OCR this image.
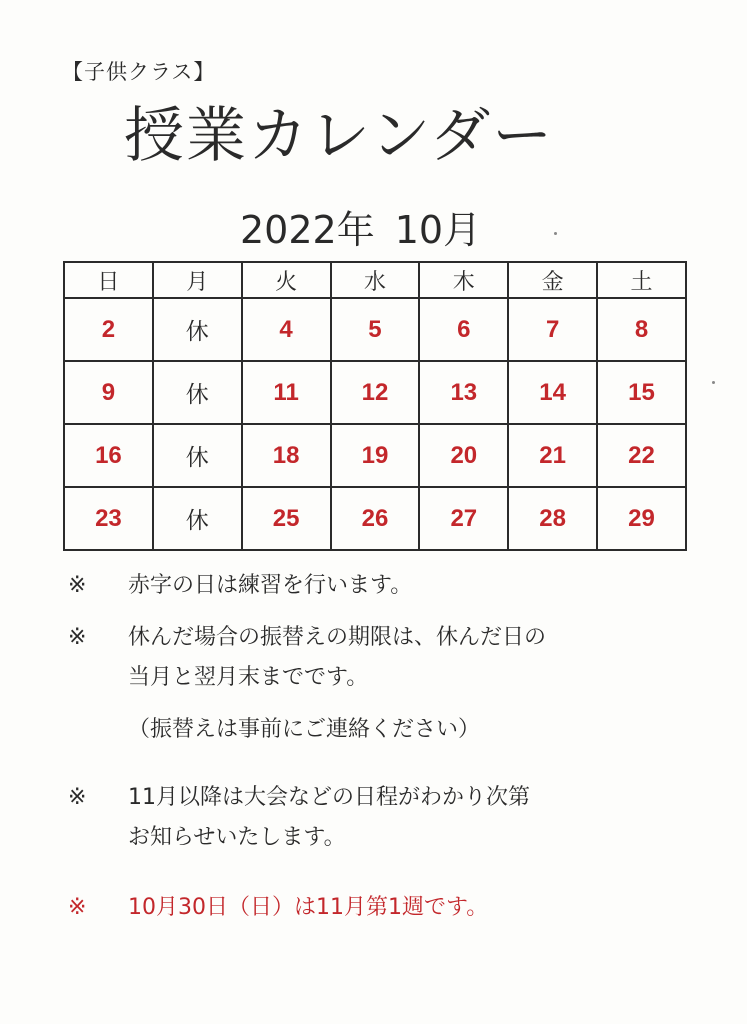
【子供クラス】
授業カレンダー
2022年 10月
日	月	火	水	木	金	土
2	休	4	5	6	7	8
9	休	11	12	13	14	15
16	休	18	19	20	21	22
23	休	25	26	27	28	29
※ 赤字の日は練習を行います。
※ 休んだ場合の振替えの期限は、休んだ日の
当月と翌月末までです。
（振替えは事前にご連絡ください）
※ 11月以降は大会などの日程がわかり次第
お知らせいたします。
※ 10月30日（日）は11月第1週です。
